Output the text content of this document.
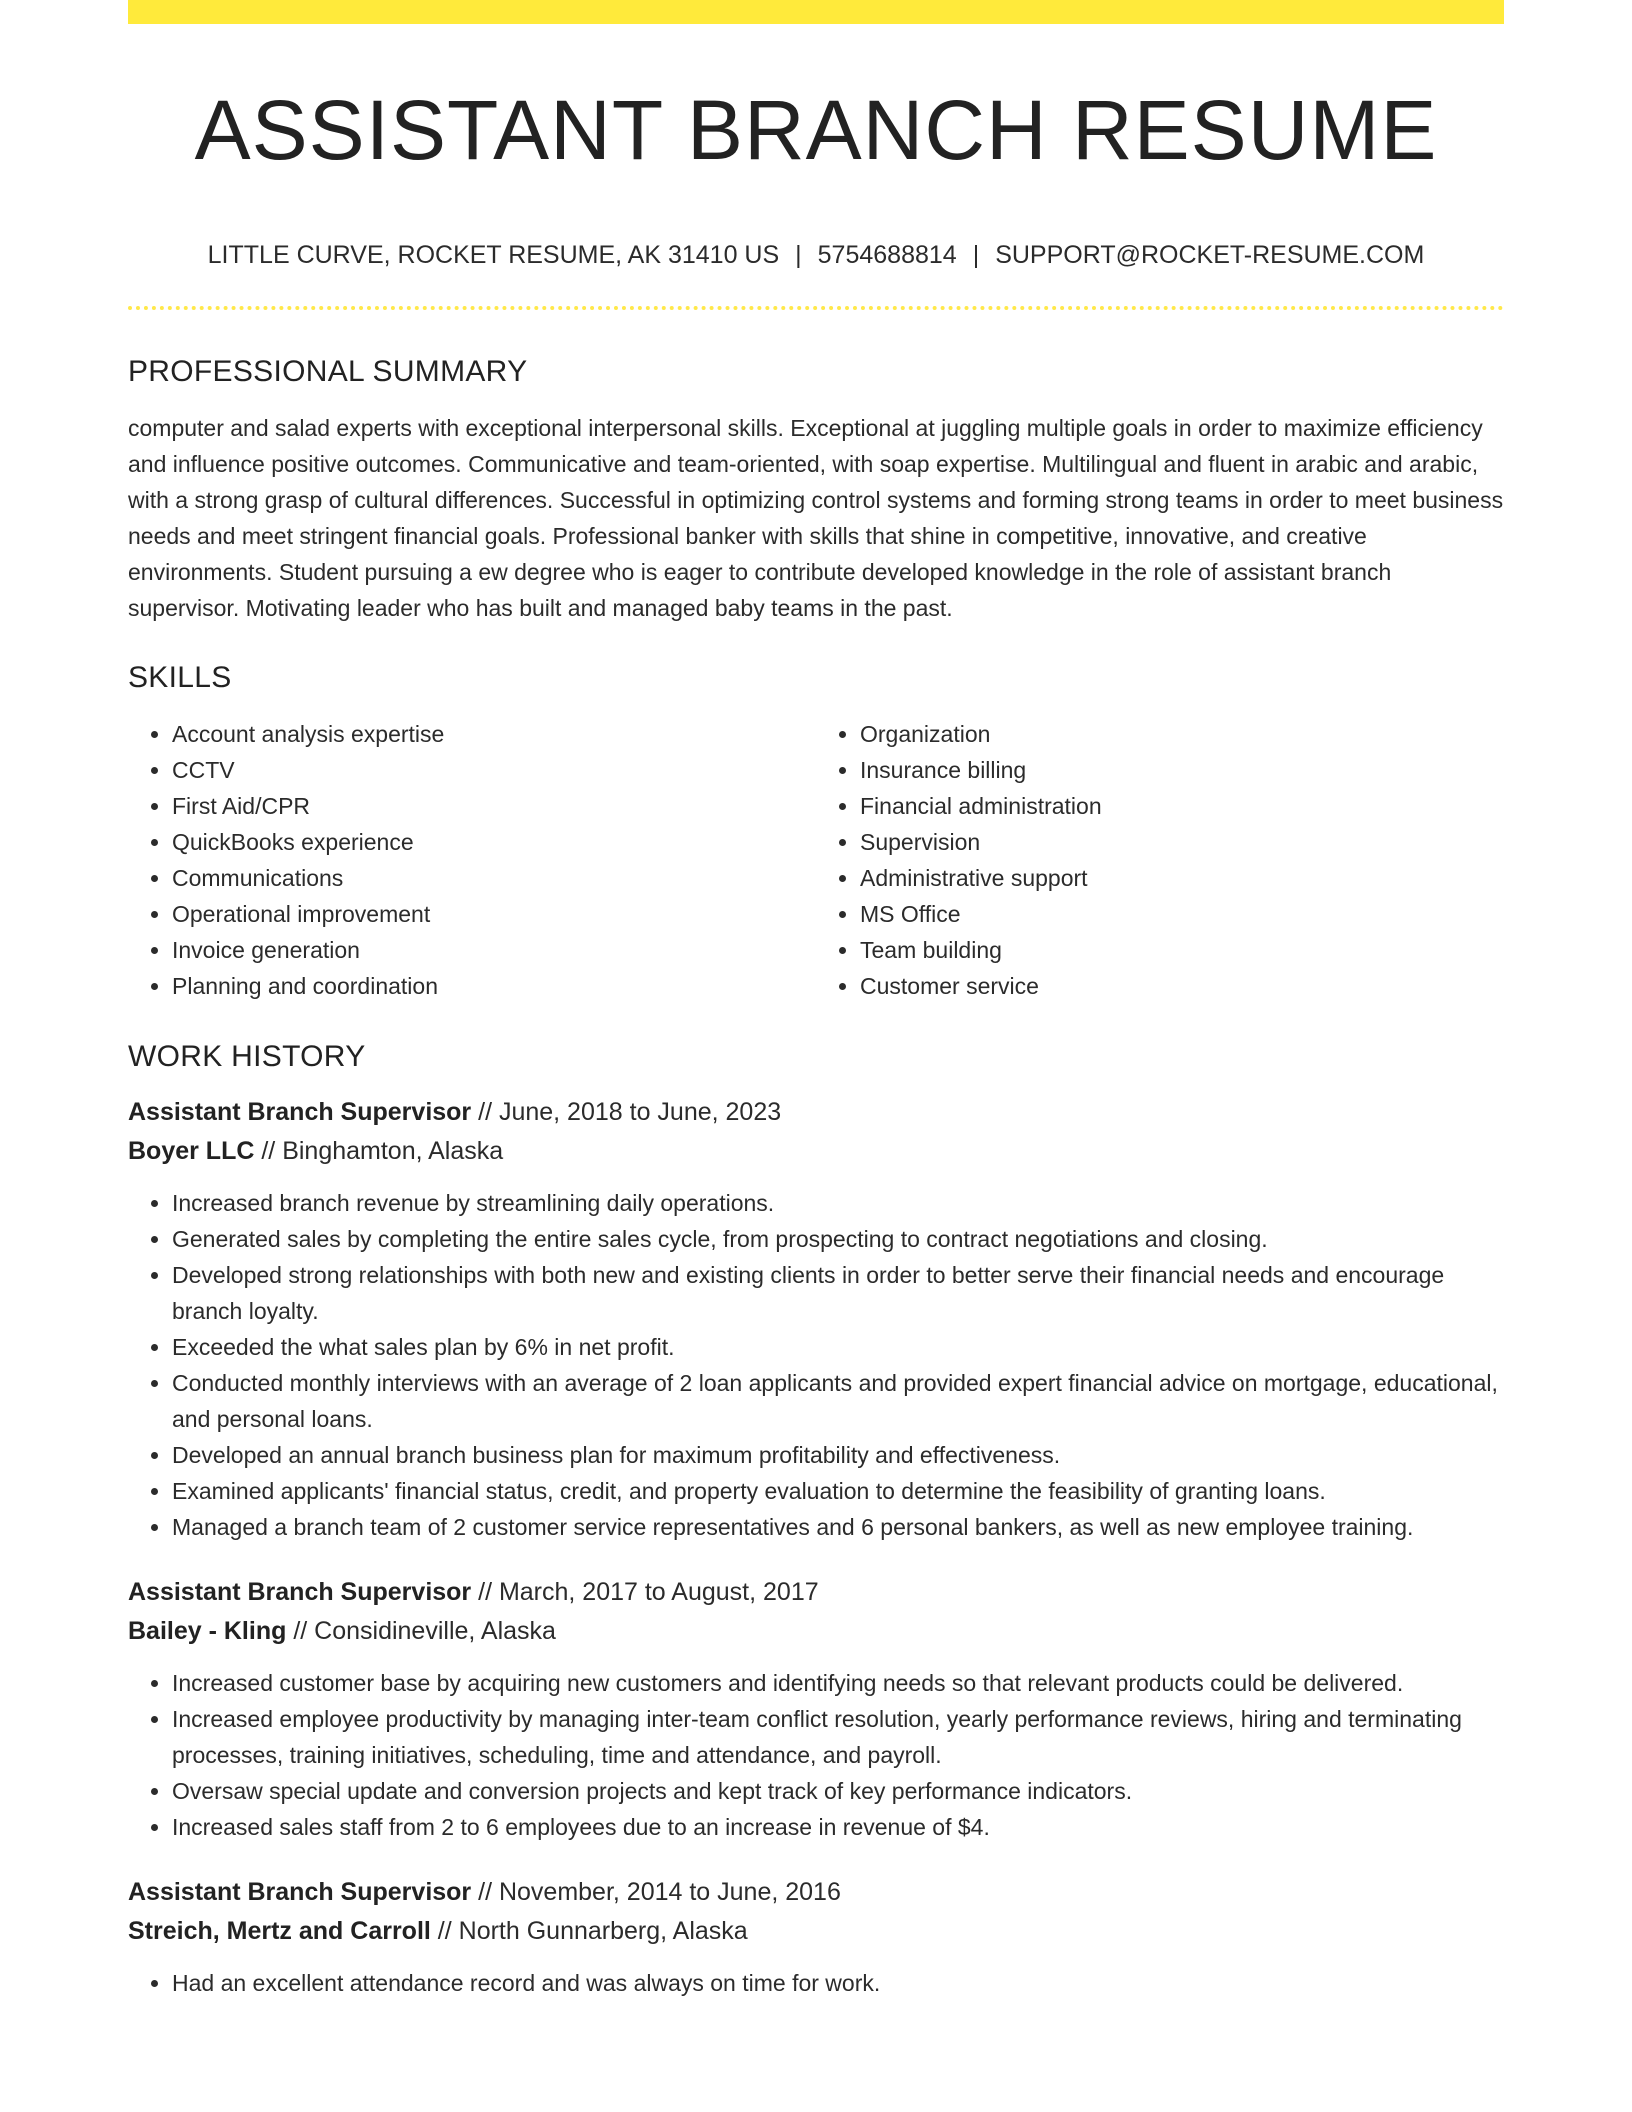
ASSISTANT BRANCH RESUME
LITTLE CURVE, ROCKET RESUME, AK 31410 US | 5754688814 | SUPPORT@ROCKET-RESUME.COM
PROFESSIONAL SUMMARY

computer and salad experts with exceptional interpersonal skills. Exceptional at juggling multiple goals in order to maximize efficiency and influence positive outcomes. Communicative and team-oriented, with soap expertise. Multilingual and fluent in arabic and arabic, with a strong grasp of cultural differences. Successful in optimizing control systems and forming strong teams in order to meet business needs and meet stringent financial goals. Professional banker with skills that shine in competitive, innovative, and creative environments. Student pursuing a ew degree who is eager to contribute developed knowledge in the role of assistant branch supervisor. Motivating leader who has built and managed baby teams in the past.

SKILLS
• Account analysis expertise
• CCTV
• First Aid/CPR
• QuickBooks experience
• Communications
• Operational improvement
• Invoice generation
• Planning and coordination
• Organization
• Insurance billing
• Financial administration
• Supervision
• Administrative support
• MS Office
• Team building
• Customer service
WORK HISTORY

Assistant Branch Supervisor // June, 2018 to June, 2023

Boyer LLC // Binghamton, Alaska

• Increased branch revenue by streamlining daily operations.
• Generated sales by completing the entire sales cycle, from prospecting to contract negotiations and closing.
• Developed strong relationships with both new and existing clients in order to better serve their financial needs and encourage branch loyalty.
• Exceeded the what sales plan by 6% in net profit.
• Conducted monthly interviews with an average of 2 loan applicants and provided expert financial advice on mortgage, educational, and personal loans.
• Developed an annual branch business plan for maximum profitability and effectiveness.
• Examined applicants' financial status, credit, and property evaluation to determine the feasibility of granting loans.
• Managed a branch team of 2 customer service representatives and 6 personal bankers, as well as new employee training.

Assistant Branch Supervisor // March, 2017 to August, 2017

Bailey - Kling // Considineville, Alaska

• Increased customer base by acquiring new customers and identifying needs so that relevant products could be delivered.
• Increased employee productivity by managing inter-team conflict resolution, yearly performance reviews, hiring and terminating processes, training initiatives, scheduling, time and attendance, and payroll.
• Oversaw special update and conversion projects and kept track of key performance indicators.
• Increased sales staff from 2 to 6 employees due to an increase in revenue of $4.

Assistant Branch Supervisor // November, 2014 to June, 2016

Streich, Mertz and Carroll // North Gunnarberg, Alaska

• Had an excellent attendance record and was always on time for work.
